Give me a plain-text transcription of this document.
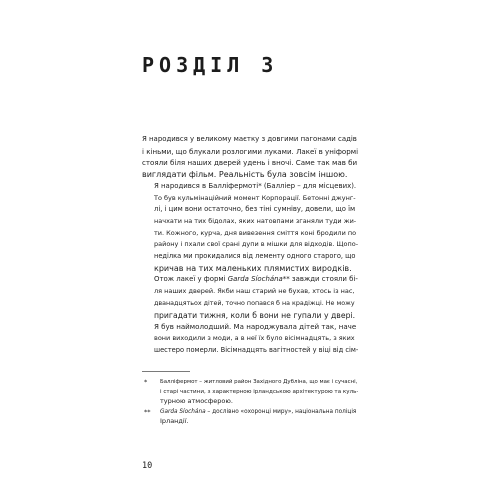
РОЗДІЛ 3

Я народився у великому маєтку з довгими пагонами садів
і кіньми, що блукали розлогими луками. Лакеї в уніформі
стояли біля наших дверей удень і вночі. Саме так мав би
виглядати фільм. Реальність була зовсім іншою.

Я народився в Балліфермоті* (Балліер – для місцевих).
То був кульмінаційний момент Корпорації. Бетонні джунг-
лі, і цим вони остаточно, без тіні сумніву, довели, що їм
начхати на тих бідолах, яких натовпами зганяли туди жи-
ти. Кожного, курча, дня вивезення сміття коні бродили по
району і пхали свої срані дупи в мішки для відходів. Щопо-
неділка ми прокидалися від лементу одного старого, що
кричав на тих маленьких плямистих виродків.

Отож лакеї у формі Garda Síochána** завжди стояли бі-
ля наших дверей. Якби наш старий не бухав, хтось із нас,
дванадцятьох дітей, точно попався б на крадіжці. Не можу
пригадати тижня, коли б вони не гупали у двері.

Я був наймолодший. Ма народжувала дітей так, наче
вони виходили з моди, а в неї їх було вісімнадцять, з яких
шестеро померли. Вісімнадцять вагітностей у віці від сім-

* Балліфермот – житловий район Західного Дубліна, що має і сучасні,
і старі частини, з характерною ірландською архітектурою та куль-
турною атмосферою.
** Garda Síochána – дослівно «охоронці миру», національна поліція
Ірландії.

10
